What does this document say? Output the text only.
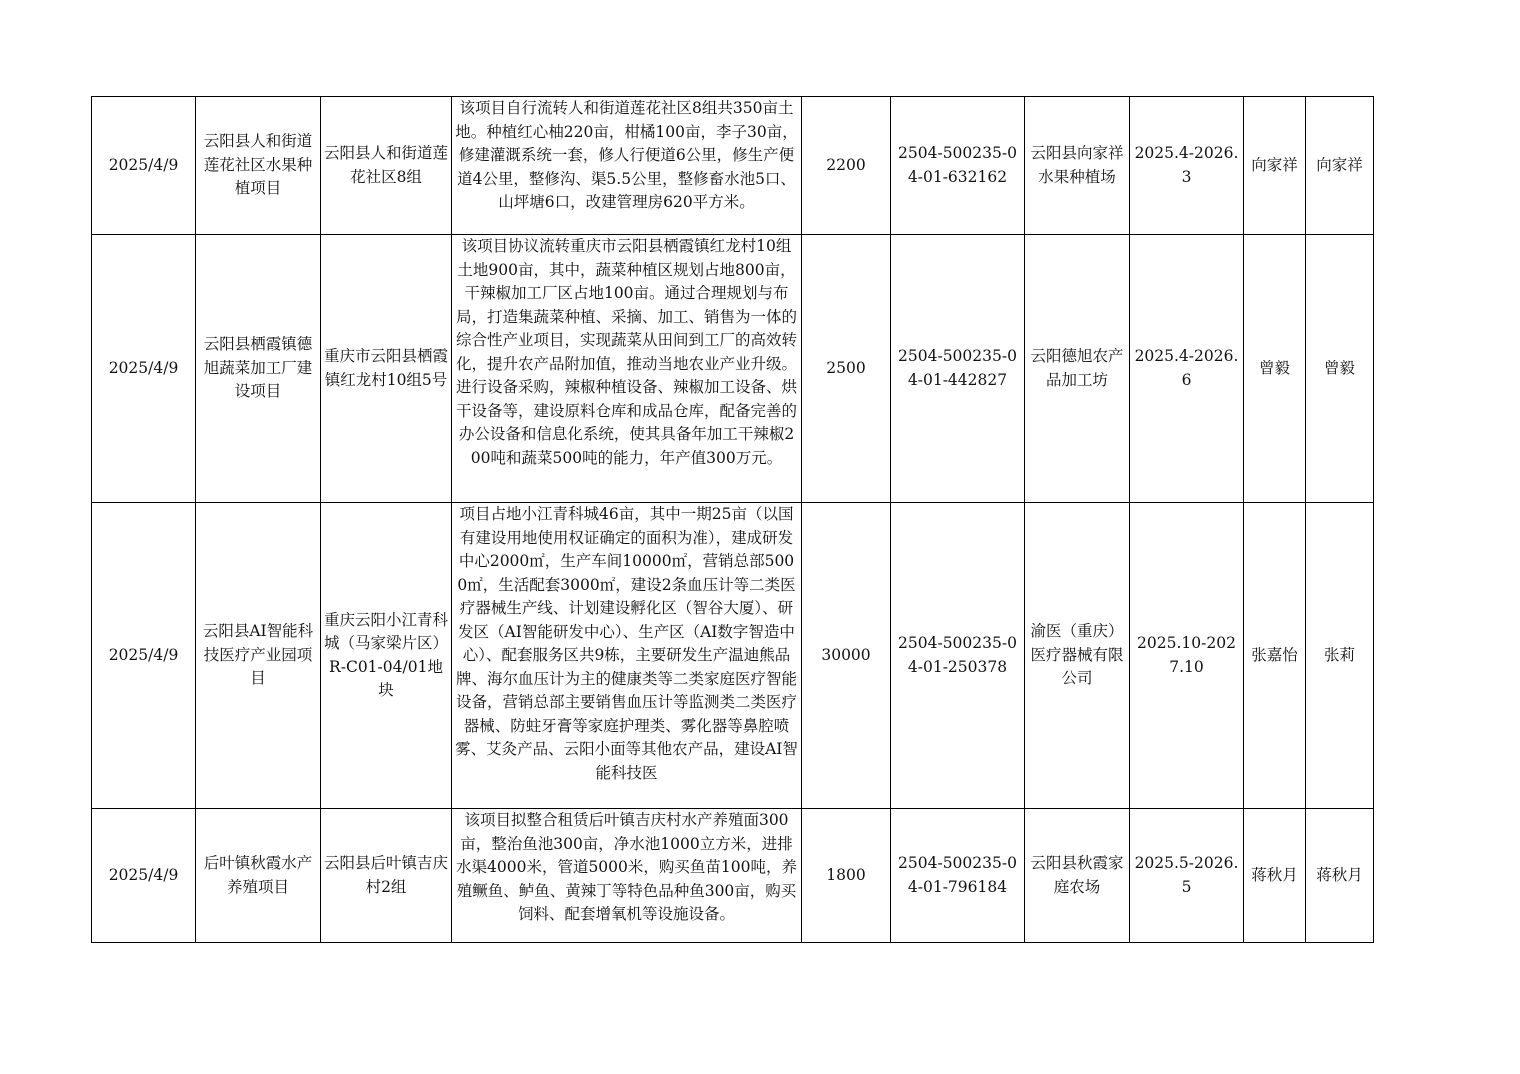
2025/4/9	云阳县人和街道莲花社区水果种植项目	云阳县人和街道莲花社区8组	该项目自行流转人和街道莲花社区8组共350亩土地。种植红心柚220亩，柑橘100亩，李子30亩，修建灌溉系统一套，修人行便道6公里，修生产便道4公里，整修沟、渠5.5公里，整修畜水池5口、山坪塘6口，改建管理房620平方米。	2200	2504-500235-04-01-632162	云阳县向家祥水果种植场	2025.4-2026.3	向家祥	向家祥

2025/4/9	云阳县栖霞镇德旭蔬菜加工厂建设项目	重庆市云阳县栖霞镇红龙村10组5号	该项目协议流转重庆市云阳县栖霞镇红龙村10组土地900亩，其中，蔬菜种植区规划占地800亩，干辣椒加工厂区占地100亩。通过合理规划与布局，打造集蔬菜种植、采摘、加工、销售为一体的综合性产业项目，实现蔬菜从田间到工厂的高效转化，提升农产品附加值，推动当地农业产业升级。进行设备采购，辣椒种植设备、辣椒加工设备、烘干设备等，建设原料仓库和成品仓库，配备完善的办公设备和信息化系统，使其具备年加工干辣椒200吨和蔬菜500吨的能力，年产值300万元。	2500	2504-500235-04-01-442827	云阳德旭农产品加工坊	2025.4-2026.6	曾毅	曾毅

2025/4/9	云阳县AI智能科技医疗产业园项目	重庆云阳小江青科城（马家梁片区）R-C01-04/01地块	项目占地小江青科城46亩，其中一期25亩（以国有建设用地使用权证确定的面积为准），建成研发中心2000㎡，生产车间10000㎡，营销总部5000㎡，生活配套3000㎡，建设2条血压计等二类医疗器械生产线、计划建设孵化区（智谷大厦）、研发区（AI智能研发中心）、生产区（AI数字智造中心）、配套服务区共9栋，主要研发生产温迪熊品牌、海尔血压计为主的健康类等二类家庭医疗智能设备，营销总部主要销售血压计等监测类二类医疗器械、防蛀牙膏等家庭护理类、雾化器等鼻腔喷雾、艾灸产品、云阳小面等其他农产品，建设AI智能科技医	30000	2504-500235-04-01-250378	渝医（重庆）医疗器械有限公司	2025.10-2027.10	张嘉怡	张莉

2025/4/9	后叶镇秋霞水产养殖项目	云阳县后叶镇吉庆村2组	该项目拟整合租赁后叶镇吉庆村水产养殖面300亩，整治鱼池300亩，净水池1000立方米，进排水渠4000米，管道5000米，购买鱼苗100吨，养殖鳜鱼、鲈鱼、黄辣丁等特色品种鱼300亩，购买饲料、配套增氧机等设施设备。	1800	2504-500235-04-01-796184	云阳县秋霞家庭农场	2025.5-2026.5	蒋秋月	蒋秋月
